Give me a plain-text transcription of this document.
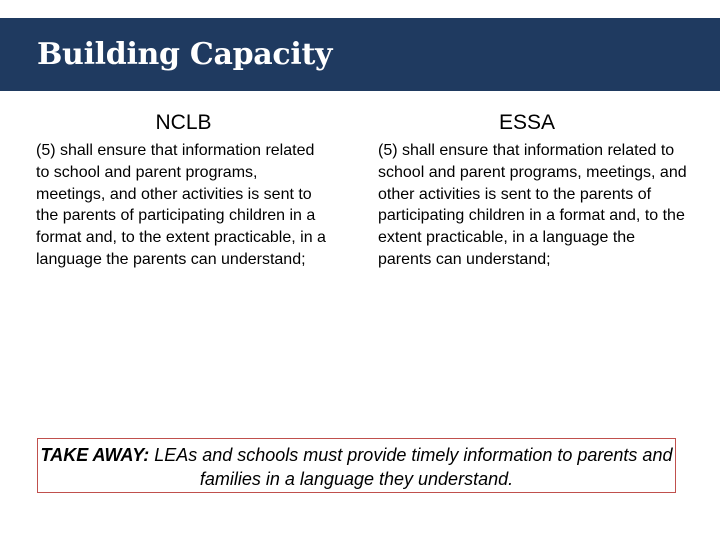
Building Capacity
NCLB	ESSA

(5) shall ensure that information related to school and parent programs, meetings, and other activities is sent to the parents of participating children in a format and, to the extent practicable, in a language the parents can understand;

(5) shall ensure that information related to school and parent programs, meetings, and other activities is sent to the parents of participating children in a format and, to the extent practicable, in a language the parents can understand;

TAKE AWAY: LEAs and schools must provide timely information to parents and families in a language they understand.
